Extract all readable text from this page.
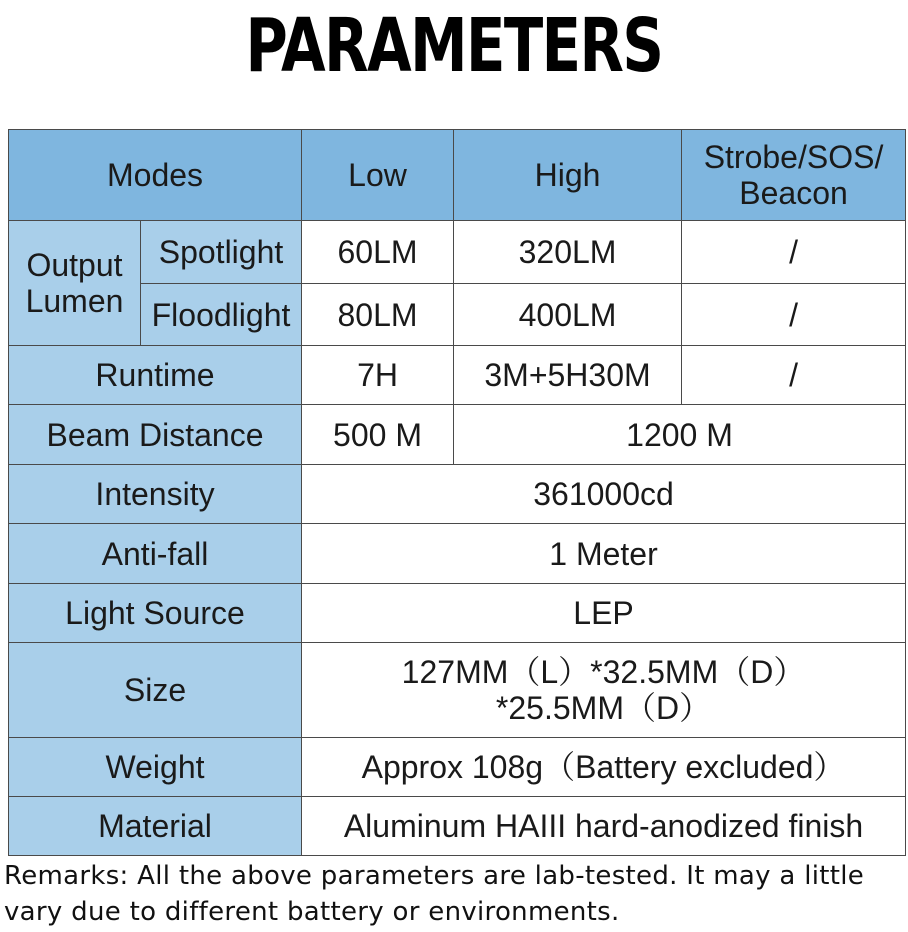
PARAMETERS
Modes		Low	High	Strobe/SOS/
Beacon
Output
Lumen	Spotlight	60LM	320LM	/
	Floodlight	80LM	400LM	/
Runtime		7H	3M+5H30M	/
Beam Distance		500 M	1200 M	
Intensity		361000cd		
Anti-fall		1 Meter		
Light Source		LEP		
Size		127MM（L）*32.5MM（D）
*25.5MM（D）		

Weight		Approx 108g（Battery excluded）		
Material		Aluminum HAIII hard-anodized finish		
Remarks: All the above parameters are lab-tested. It may a little
vary due to different battery or environments.
